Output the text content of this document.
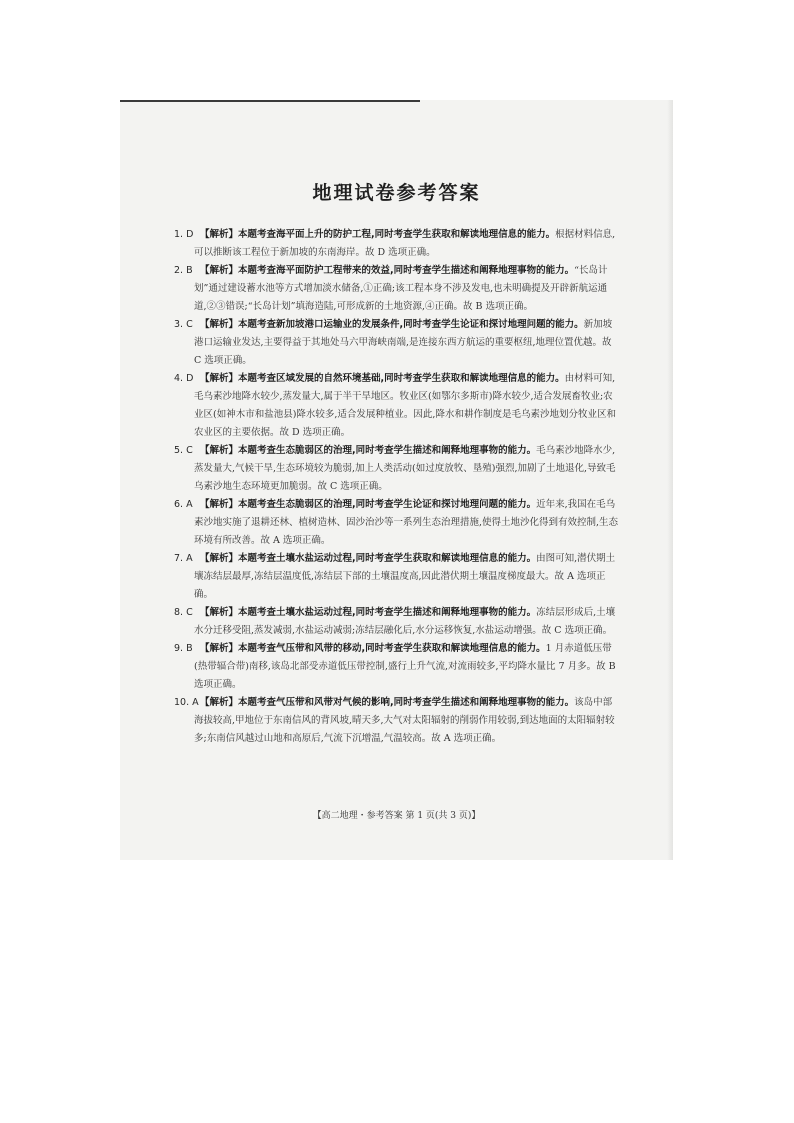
地理试卷参考答案
1. D 【解析】本题考查海平面上升的防护工程,同时考查学生获取和解读地理信息的能力。根据材料信息,可以推断该工程位于新加坡的东南海岸。故 D 选项正确。
2. B 【解析】本题考查海平面防护工程带来的效益,同时考查学生描述和阐释地理事物的能力。“长岛计划”通过建设蓄水池等方式增加淡水储备,①正确;该工程本身不涉及发电,也未明确提及开辟新航运通道,②③错误;“长岛计划”填海造陆,可形成新的土地资源,④正确。故 B 选项正确。
3. C 【解析】本题考查新加坡港口运输业的发展条件,同时考查学生论证和探讨地理问题的能力。新加坡港口运输业发达,主要得益于其地处马六甲海峡南端,是连接东西方航运的重要枢纽,地理位置优越。故 C 选项正确。
4. D 【解析】本题考查区域发展的自然环境基础,同时考查学生获取和解读地理信息的能力。由材料可知,毛乌素沙地降水较少,蒸发量大,属于半干旱地区。牧业区(如鄂尔多斯市)降水较少,适合发展畜牧业;农业区(如神木市和盐池县)降水较多,适合发展种植业。因此,降水和耕作制度是毛乌素沙地划分牧业区和农业区的主要依据。故 D 选项正确。
5. C 【解析】本题考查生态脆弱区的治理,同时考查学生描述和阐释地理事物的能力。毛乌素沙地降水少,蒸发量大,气候干旱,生态环境较为脆弱,加上人类活动(如过度放牧、垦殖)强烈,加剧了土地退化,导致毛乌素沙地生态环境更加脆弱。故 C 选项正确。
6. A 【解析】本题考查生态脆弱区的治理,同时考查学生论证和探讨地理问题的能力。近年来,我国在毛乌素沙地实施了退耕还林、植树造林、固沙治沙等一系列生态治理措施,使得土地沙化得到有效控制,生态环境有所改善。故 A 选项正确。
7. A 【解析】本题考查土壤水盐运动过程,同时考查学生获取和解读地理信息的能力。由图可知,潜伏期土壤冻结层最厚,冻结层温度低,冻结层下部的土壤温度高,因此潜伏期土壤温度梯度最大。故 A 选项正确。
8. C 【解析】本题考查土壤水盐运动过程,同时考查学生描述和阐释地理事物的能力。冻结层形成后,土壤水分迁移受阻,蒸发减弱,水盐运动减弱;冻结层融化后,水分运移恢复,水盐运动增强。故 C 选项正确。
9. B 【解析】本题考查气压带和风带的移动,同时考查学生获取和解读地理信息的能力。1 月赤道低压带(热带辐合带)南移,该岛北部受赤道低压带控制,盛行上升气流,对流雨较多,平均降水量比 7 月多。故 B 选项正确。
10. A 【解析】本题考查气压带和风带对气候的影响,同时考查学生描述和阐释地理事物的能力。该岛中部海拔较高,甲地位于东南信风的背风坡,晴天多,大气对太阳辐射的削弱作用较弱,到达地面的太阳辐射较多;东南信风越过山地和高原后,气流下沉增温,气温较高。故 A 选项正确。
【高二地理・参考答案 第 1 页(共 3 页)】
